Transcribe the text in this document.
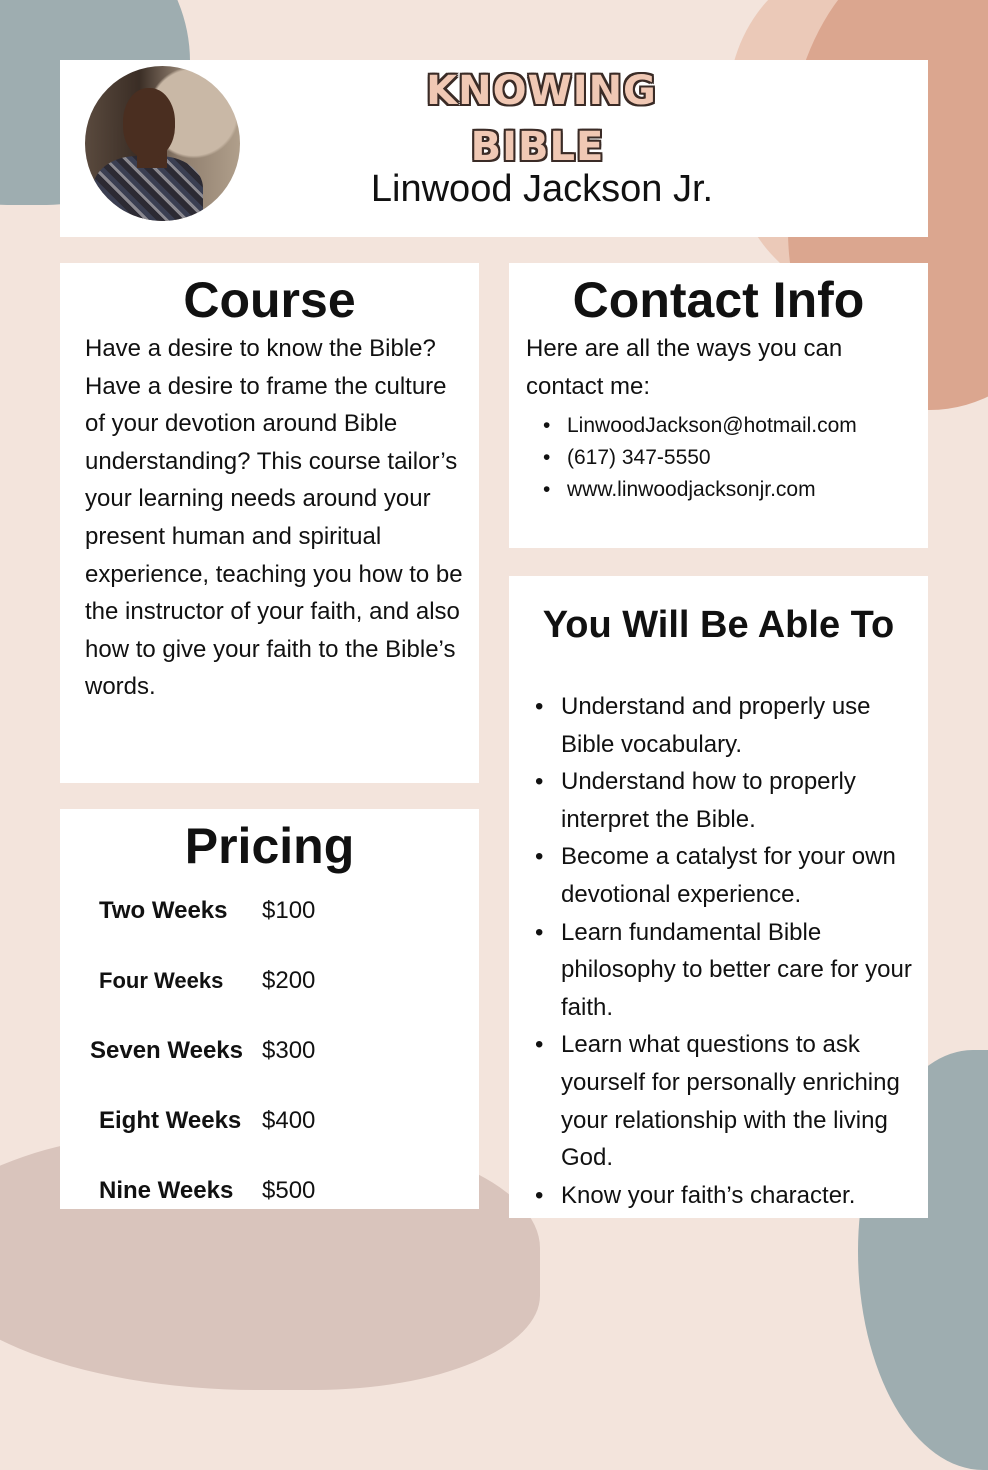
KNOWING
BIBLE
Linwood Jackson Jr.
Course

Have a desire to know the Bible? Have a desire to frame the culture of your devotion around Bible understanding? This course tailor’s your learning needs around your present human and spiritual experience, teaching you how to be the instructor of your faith, and also how to give your faith to the Bible’s words.

Pricing
Two Weeks $100
Four Weeks $200
Seven Weeks $300
Eight Weeks $400
Nine Weeks $500
Contact Info

Here are all the ways you can contact me:

• LinwoodJackson@hotmail.com
• (617) 347-5550
• www.linwoodjacksonjr.com
You Will Be Able To
• Understand and properly use Bible vocabulary.
• Understand how to properly interpret the Bible.
• Become a catalyst for your own devotional experience.
• Learn fundamental Bible philosophy to better care for your faith.
• Learn what questions to ask yourself for personally enriching your relationship with the living God.
• Know your faith’s character.
